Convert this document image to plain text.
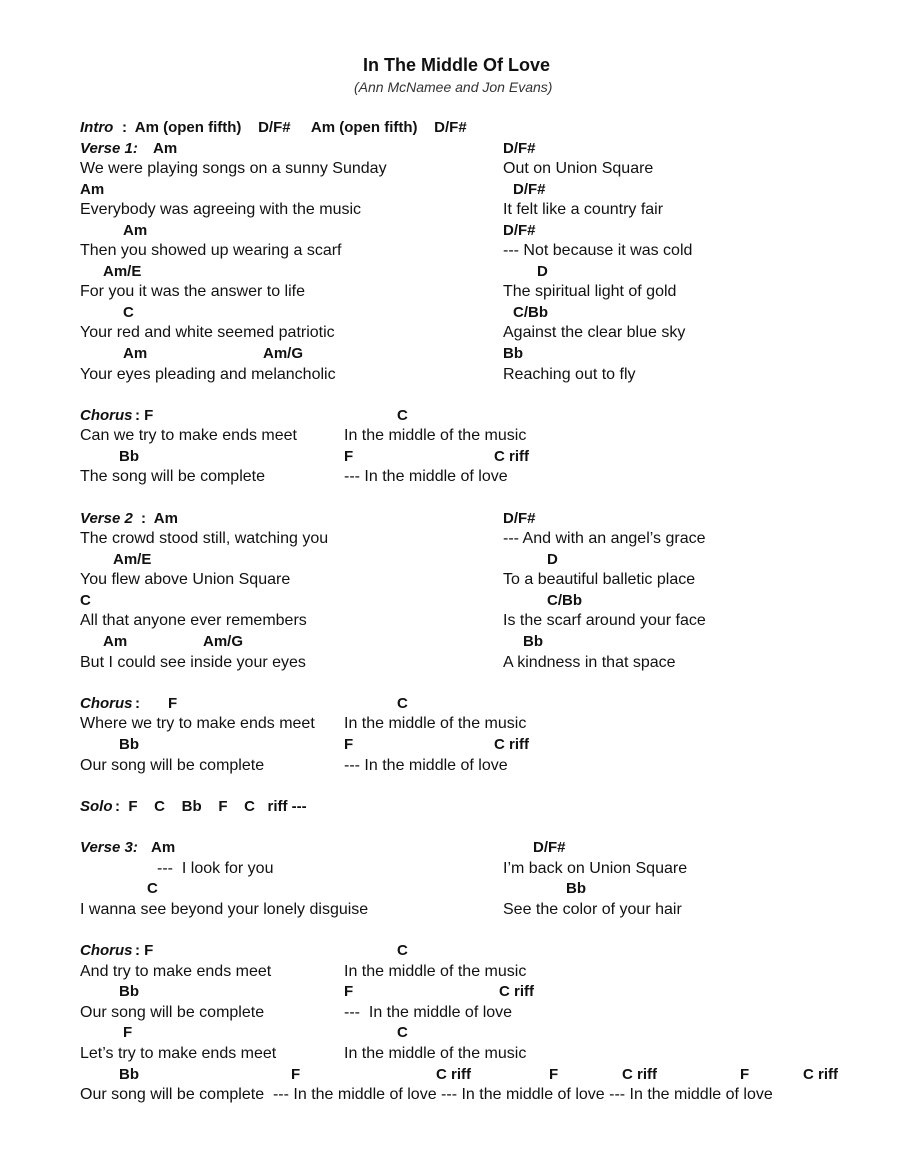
In The Middle Of Love
(Ann McNamee and Jon Evans)
Intro :  Am (open fifth)    D/F#     Am (open fifth)    D/F#
Verse 1: Am	D/F#
We were playing songs on a sunny Sunday	Out on Union Square
Am	D/F#
Everybody was agreeing with the music	It felt like a country fair
Am	D/F#
Then you showed up wearing a scarf	--- Not because it was cold
Am/E	D
For you it was the answer to life	The spiritual light of gold
C	C/Bb
Your red and white seemed patriotic	Against the clear blue sky
Am	Am/G	Bb
Your eyes pleading and melancholic	Reaching out to fly
Chorus : F	C
Can we try to make ends meet	In the middle of the music
Bb	F	C riff
The song will be complete	--- In the middle of love
Verse 2 :  Am	D/F#
The crowd stood still, watching you	--- And with an angel’s grace
Am/E	D
You flew above Union Square	To a beautiful balletic place
C	C/Bb
All that anyone ever remembers	Is the scarf around your face
Am	Am/G	Bb
But I could see inside your eyes	A kindness in that space
Chorus : F	C
Where we try to make ends meet In the middle of the music
Bb	F	C riff
Our song will be complete	--- In the middle of love
Solo :  F    C    Bb    F    C   riff ---
Verse 3: Am	D/F#
---  I look for you	I’m back on Union Square
C	Bb
I wanna see beyond your lonely disguise	See the color of your hair
Chorus : F	C
And try to make ends meet	In the middle of the music
Bb	F	C riff
Our song will be complete	---  In the middle of love
F	C
Let’s try to make ends meet	In the middle of the music
Bb	F	C riff	F	C riff	F	C riff
Our song will be complete  --- In the middle of love --- In the middle of love --- In the middle of love
